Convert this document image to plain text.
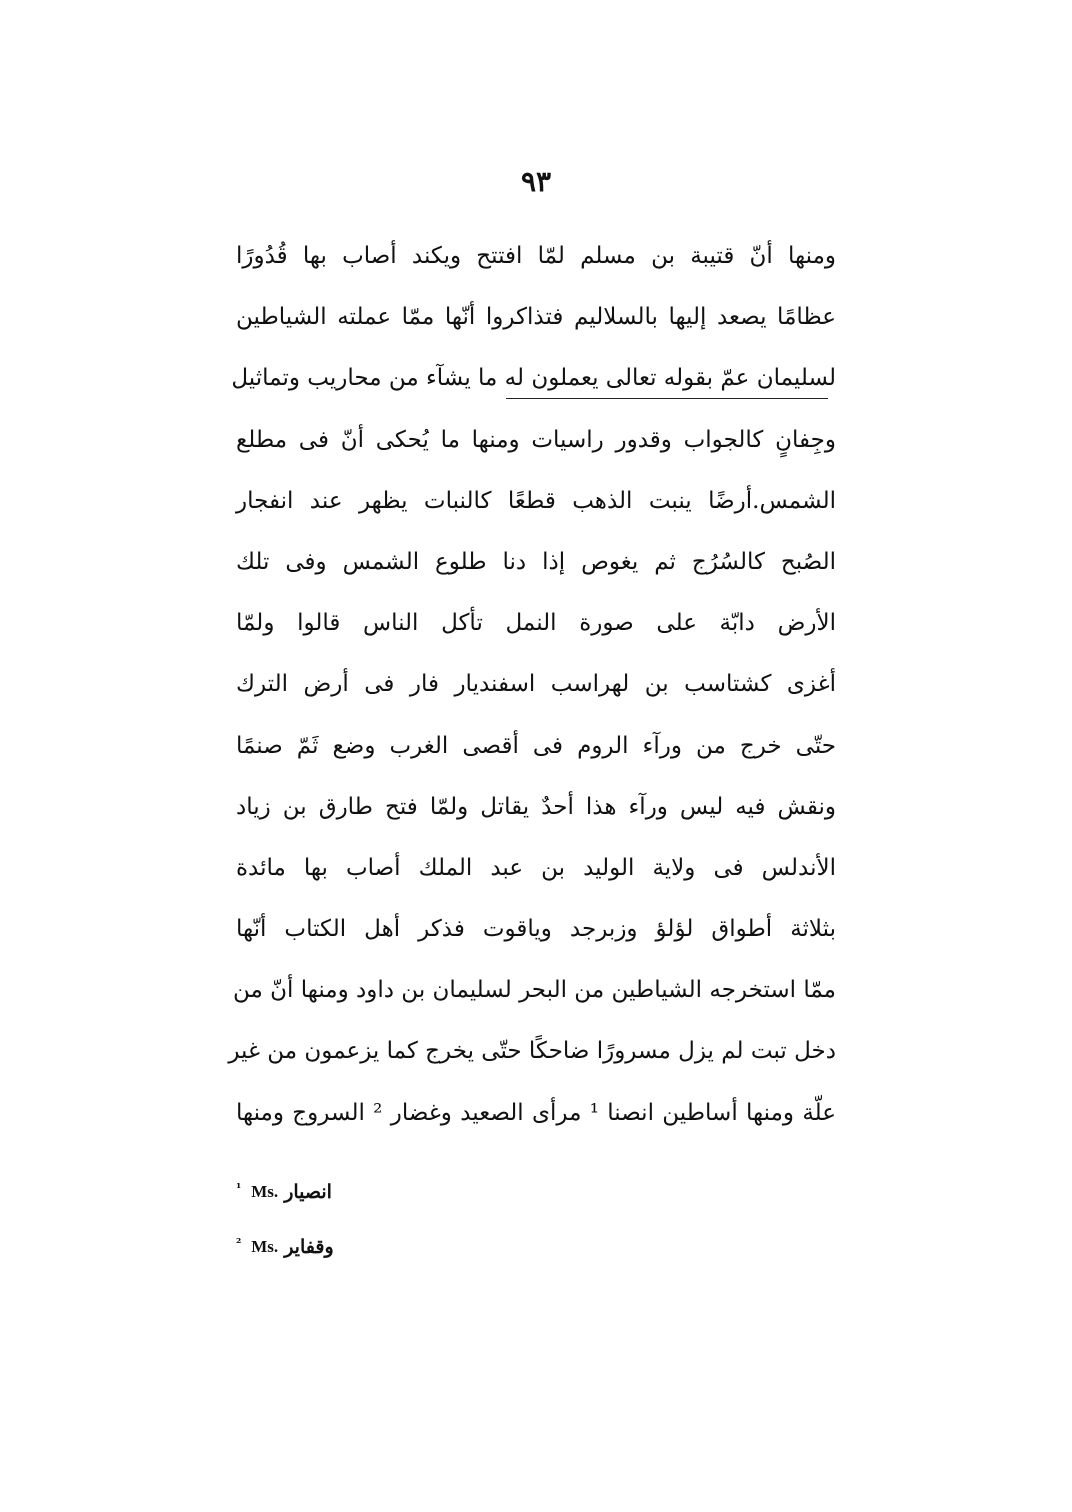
۹۳
ومنها أنّ قتيبة بن مسلم لمّا افتتح ويكند أصاب بها قُدُورًا
عظامًا يصعد إليها بالسلاليم فتذاكروا أنّها ممّا عملته الشياطين
لسليمان عمّ بقوله تعالى يعملون له ما يشآء من محاريب وتماثيل
وجِفانٍ كالجواب وقدور راسيات ومنها ما يُحكى أنّ فى مطلع
الشمس.أرضًا ينبت الذهب قطعًا كالنبات يظهر عند انفجار
الصُبح كالسُرُج ثم يغوص إذا دنا طلوع الشمس وفى تلك
الأرض دابّة على صورة النمل تأكل الناس قالوا ولمّا
أغزى كشتاسب بن لهراسب اسفنديار فار فى أرض الترك
حتّى خرج من ورآء الروم فى أقصى الغرب وضع ثَمّ صنمًا
ونقش فيه ليس ورآء هذا أحدٌ يقاتل ولمّا فتح طارق بن زياد
الأندلس فى ولاية الوليد بن عبد الملك أصاب بها مائدة
بثلاثة أطواق لؤلؤ وزبرجد وياقوت فذكر أهل الكتاب أنّها
ممّا استخرجه الشياطين من البحر لسليمان بن داود ومنها أنّ من
دخل تبت لم يزل مسرورًا ضاحكًا حتّى يخرج كما يزعمون من غير
علّة ومنها أساطين انصنا ¹ مرأى الصعيد وغضار ² السروج ومنها
¹ Ms. انصيار
² Ms. وقفاير
